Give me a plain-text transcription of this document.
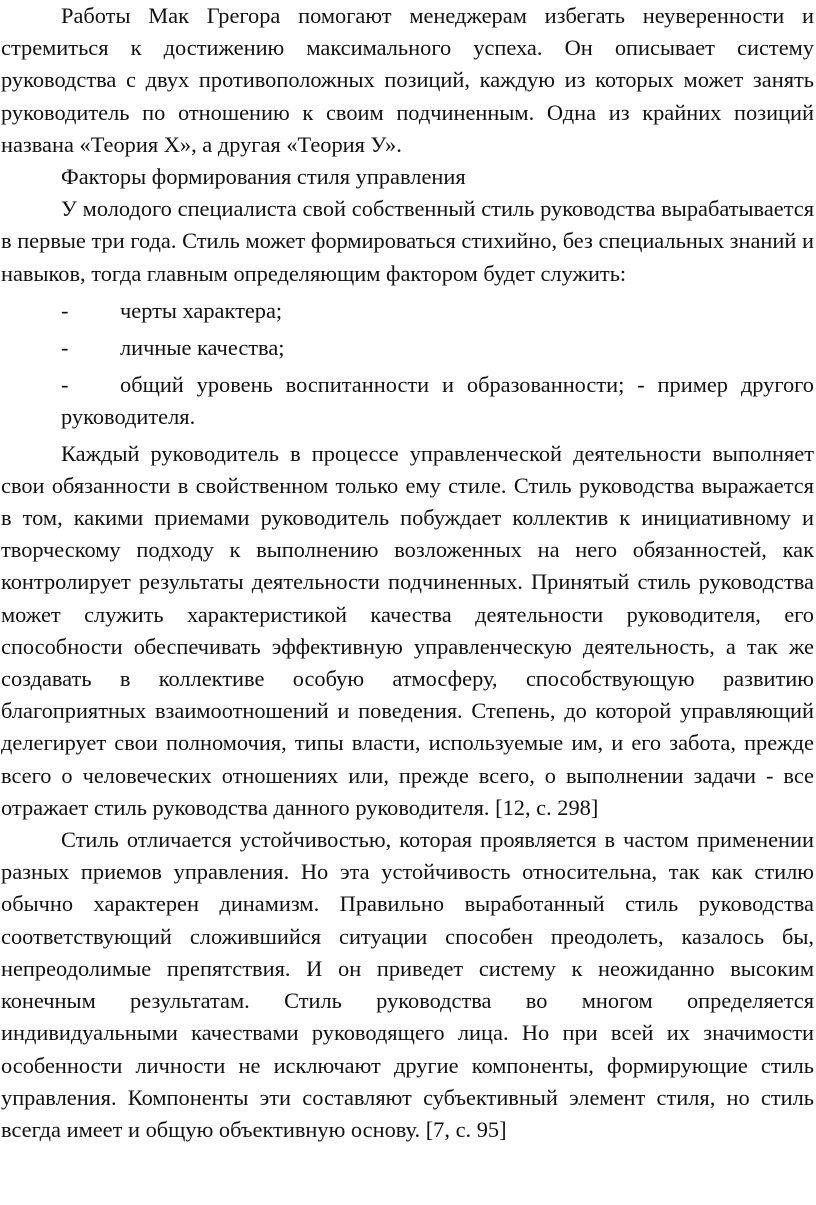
Работы Мак Грегора помогают менеджерам избегать неуверенности и стремиться к достижению максимального успеха. Он описывает систему руководства с двух противоположных позиций, каждую из которых может занять руководитель по отношению к своим подчиненным. Одна из крайних позиций названа «Теория Х», а другая «Теория У».

Факторы формирования стиля управления

У молодого специалиста свой собственный стиль руководства вырабатывается в первые три года. Стиль может формироваться стихийно, без специальных знаний и навыков, тогда главным определяющим фактором будет служить:

- черты характера;
- личные качества;
- общий уровень воспитанности и образованности; - пример другого руководителя.

Каждый руководитель в процессе управленческой деятельности выполняет свои обязанности в свойственном только ему стиле. Стиль руководства выражается в том, какими приемами руководитель побуждает коллектив к инициативному и творческому подходу к выполнению возложенных на него обязанностей, как контролирует результаты деятельности подчиненных. Принятый стиль руководства может служить характеристикой качества деятельности руководителя, его способности обеспечивать эффективную управленческую деятельность, а так же создавать в коллективе особую атмосферу, способствующую развитию благоприятных взаимоотношений и поведения. Степень, до которой управляющий делегирует свои полномочия, типы власти, используемые им, и его забота, прежде всего о человеческих отношениях или, прежде всего, о выполнении задачи - все отражает стиль руководства данного руководителя. [12, с. 298]

Стиль отличается устойчивостью, которая проявляется в частом применении разных приемов управления. Но эта устойчивость относительна, так как стилю обычно характерен динамизм. Правильно выработанный стиль руководства соответствующий сложившийся ситуации способен преодолеть, казалось бы, непреодолимые препятствия. И он приведет систему к неожиданно высоким конечным результатам. Стиль руководства во многом определяется индивидуальными качествами руководящего лица. Но при всей их значимости особенности личности не исключают другие компоненты, формирующие стиль управления. Компоненты эти составляют субъективный элемент стиля, но стиль всегда имеет и общую объективную основу. [7, с. 95]
